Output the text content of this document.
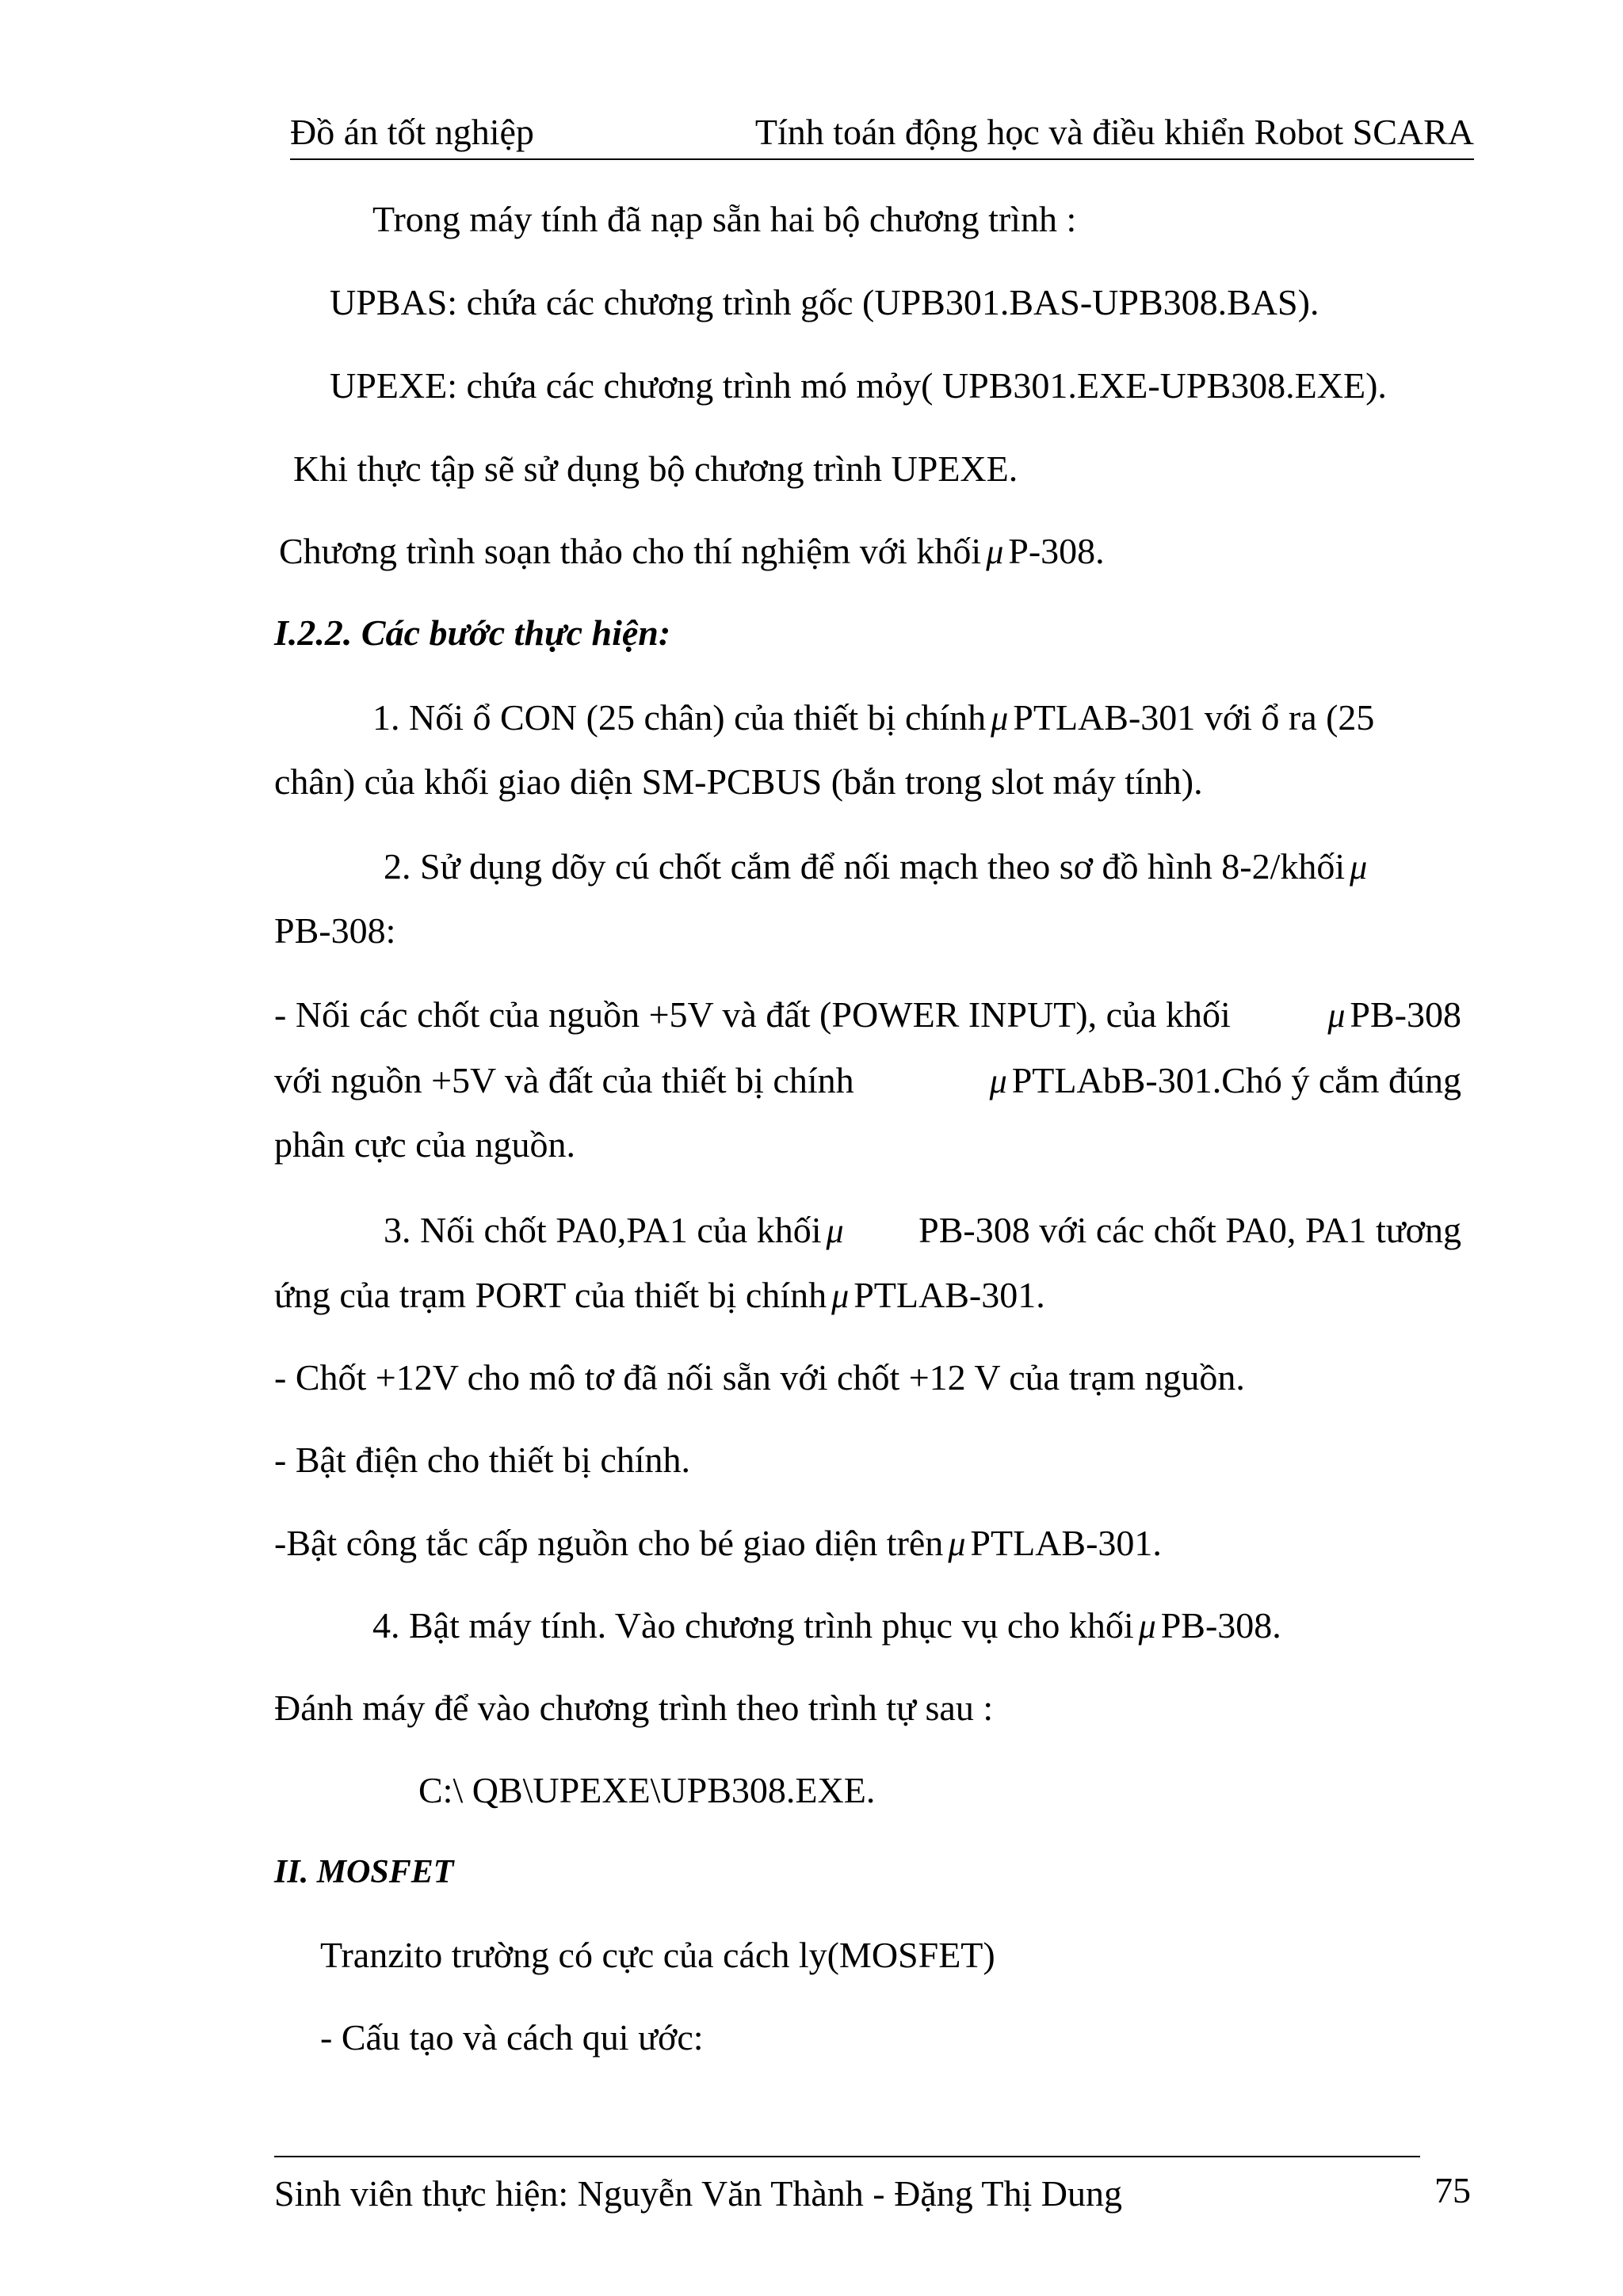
Đồ án tốt nghiệp	Tính toán động học và điều khiển Robot SCARA
Trong máy tính đã nạp sẵn hai bộ chương trình :
UPBAS: chứa các chương trình gốc (UPB301.BAS-UPB308.BAS).
UPEXE: chứa các chương trình mó mỏy( UPB301.EXE-UPB308.EXE).
Khi thực tập sẽ sử dụng bộ chương trình UPEXE.
Chương trình soạn thảo cho thí nghiệm với khối μ P-308.
I.2.2. Các bước thực hiện:
1. Nối ổ CON (25 chân) của thiết bị chính μ PTLAB-301 với ổ ra (25
chân) của khối giao diện SM-PCBUS (bắn trong slot máy tính).
2. Sử dụng dõy cú chốt cắm để nối mạch theo sơ đồ hình 8-2/khối μ
PB-308:
- Nối các chốt của nguồn +5V và đất (POWER INPUT), của khối	μ PB-308
với nguồn +5V và đất của thiết bị chính	μ PTLAbB-301.Chó ý cắm đúng
phân cực của nguồn.
3. Nối chốt PA0,PA1 của khối μ PB-308 với các chốt PA0, PA1 tương
ứng của trạm PORT của thiết bị chính μ PTLAB-301.
- Chốt +12V cho mô tơ đã nối sẵn với chốt +12 V của trạm nguồn.
- Bật điện cho thiết bị chính.
-Bật công tắc cấp nguồn cho bé giao diện trên μ PTLAB-301.
4. Bật máy tính. Vào chương trình phục vụ cho khối μ PB-308.
Đánh máy để vào chương trình theo trình tự sau :
C:\ QB\UPEXE\UPB308.EXE.
II. MOSFET
Tranzito trường có cực của cách ly(MOSFET)
- Cấu tạo và cách qui ước:
Sinh viên thực hiện: Nguyễn Văn Thành - Đặng Thị Dung	75
